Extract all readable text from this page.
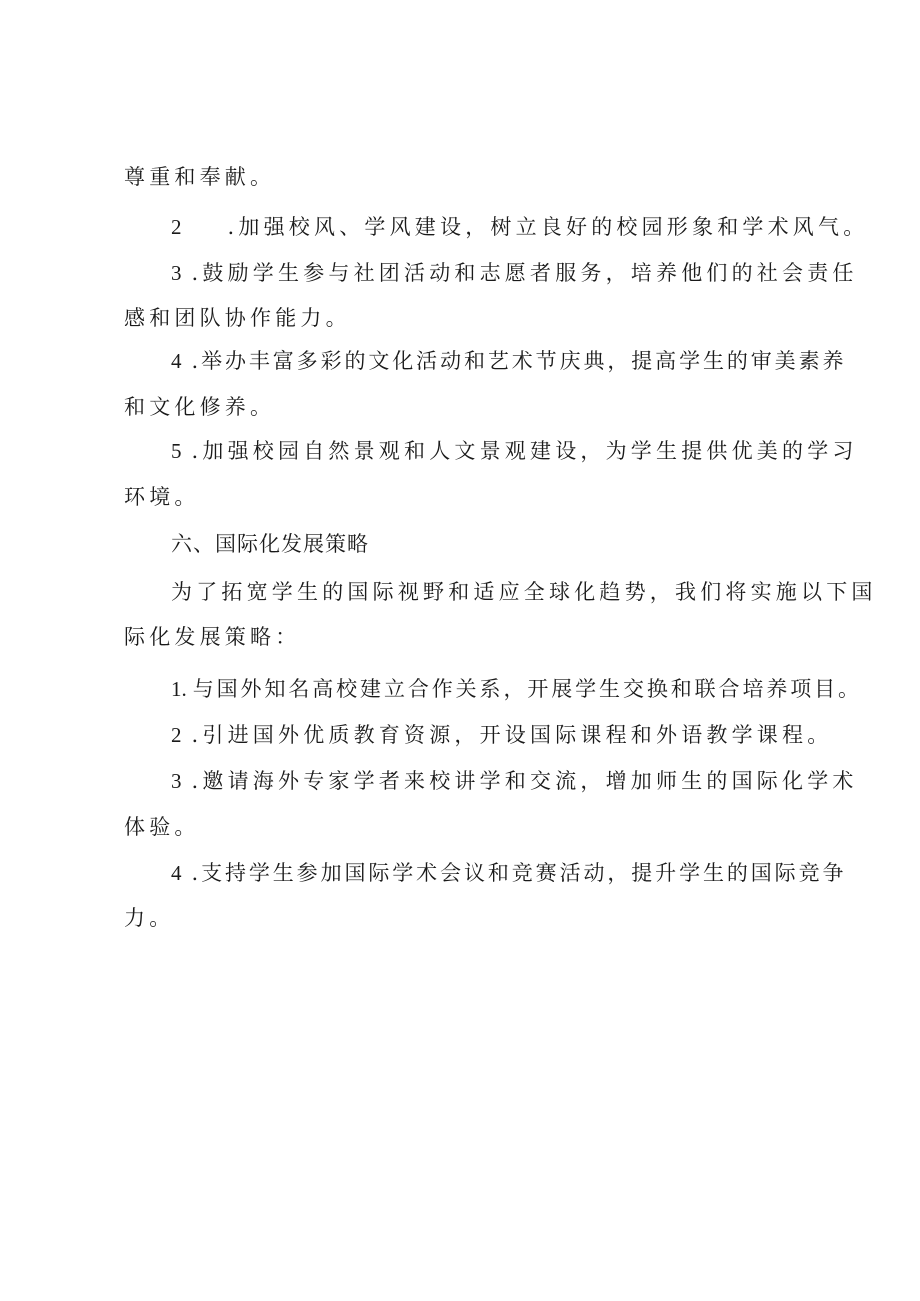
尊重和奉献。
2 .加强校风、学风建设，树立良好的校园形象和学术风气。
3 .鼓励学生参与社团活动和志愿者服务，培养他们的社会责任
感和团队协作能力。
4 .举办丰富多彩的文化活动和艺术节庆典，提高学生的审美素养
和文化修养。
5 .加强校园自然景观和人文景观建设，为学生提供优美的学习
环境。
六、国际化发展策略
为了拓宽学生的国际视野和适应全球化趋势，我们将实施以下国
际化发展策略：
1. 与国外知名高校建立合作关系，开展学生交换和联合培养项目。
2 .引进国外优质教育资源，开设国际课程和外语教学课程。
3 .邀请海外专家学者来校讲学和交流，增加师生的国际化学术
体验。
4 .支持学生参加国际学术会议和竞赛活动，提升学生的国际竞争
力。
